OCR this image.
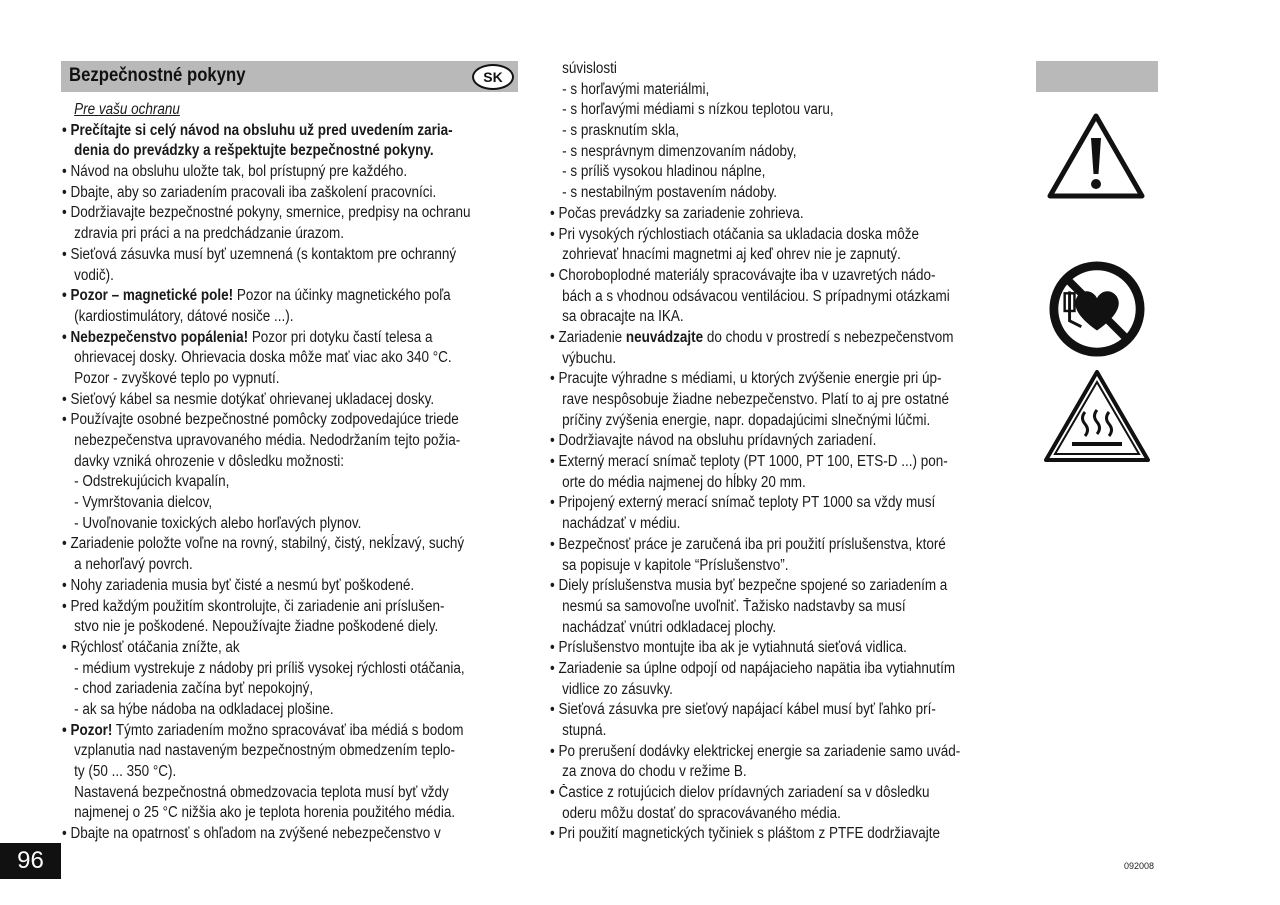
Bezpečnostné pokyny	SK
Pre vašu ochranu
• Prečítajte si celý návod na obsluhu už pred uvedením zaria-
denia do prevádzky a rešpektujte bezpečnostné pokyny.
• Návod na obsluhu uložte tak, bol prístupný pre každého.
• Dbajte, aby so zariadením pracovali iba zaškolení pracovníci.
• Dodržiavajte bezpečnostné pokyny, smernice, predpisy na ochranu
zdravia pri práci a na predchádzanie úrazom.
• Sieťová zásuvka musí byť uzemnená (s kontaktom pre ochranný
vodič).
• Pozor – magnetické pole! Pozor na účinky magnetického poľa
(kardiostimulátory, dátové nosiče ...).
• Nebezpečenstvo popálenia! Pozor pri dotyku častí telesa a
ohrievacej dosky. Ohrievacia doska môže mať viac ako 340 °C.
Pozor - zvyškové teplo po vypnutí.
• Sieťový kábel sa nesmie dotýkať ohrievanej ukladacej dosky.
• Používajte osobné bezpečnostné pomôcky zodpovedajúce triede
nebezpečenstva upravovaného média. Nedodržaním tejto požia-
davky vzniká ohrozenie v dôsledku možnosti:
- Odstrekujúcich kvapalín,
- Vymrštovania dielcov,
- Uvoľnovanie toxických alebo horľavých plynov.
• Zariadenie položte voľne na rovný, stabilný, čistý, nekĺzavý, suchý
a nehorľavý povrch.
• Nohy zariadenia musia byť čisté a nesmú byť poškodené.
• Pred každým použitím skontrolujte, či zariadenie ani príslušen-
stvo nie je poškodené. Nepoužívajte žiadne poškodené diely.
• Rýchlosť otáčania znížte, ak
- médium vystrekuje z nádoby pri príliš vysokej rýchlosti otáčania,
- chod zariadenia začína byť nepokojný,
- ak sa hýbe nádoba na odkladacej plošine.
• Pozor! Týmto zariadením možno spracovávať iba médiá s bodom
vzplanutia nad nastaveným bezpečnostným obmedzením teplo-
ty (50 ... 350 °C).
Nastavená bezpečnostná obmedzovacia teplota musí byť vždy
najmenej o 25 °C nižšia ako je teplota horenia použitého média.
• Dbajte na opatrnosť s ohľadom na zvýšené nebezpečenstvo v
súvislosti
- s horľavými materiálmi,
- s horľavými médiami s nízkou teplotou varu,
- s prasknutím skla,
- s nesprávnym dimenzovaním nádoby,
- s príliš vysokou hladinou náplne,
- s nestabilným postavením nádoby.
• Počas prevádzky sa zariadenie zohrieva.
• Pri vysokých rýchlostiach otáčania sa ukladacia doska môže
zohrievať hnacími magnetmi aj keď ohrev nie je zapnutý.
• Choroboplodné materiály spracovávajte iba v uzavretých nádo-
bách a s vhodnou odsávacou ventiláciou. S prípadnymi otázkami
sa obracajte na IKA.
• Zariadenie neuvádzajte do chodu v prostredí s nebezpečenstvom
výbuchu.
• Pracujte výhradne s médiami, u ktorých zvýšenie energie pri úp-
rave nespôsobuje žiadne nebezpečenstvo. Platí to aj pre ostatné
príčiny zvýšenia energie, napr. dopadajúcimi slnečnými lúčmi.
• Dodržiavajte návod na obsluhu prídavných zariadení.
• Externý merací snímač teploty (PT 1000, PT 100, ETS-D ...) pon-
orte do média najmenej do hĺbky 20 mm.
• Pripojený externý merací snímač teploty PT 1000 sa vždy musí
nachádzať v médiu.
• Bezpečnosť práce je zaručená iba pri použití príslušenstva, ktoré
sa popisuje v kapitole “Príslušenstvo”.
• Diely príslušenstva musia byť bezpečne spojené so zariadením a
nesmú sa samovoľne uvoľniť. Ťažisko nadstavby sa musí
nachádzať vnútri odkladacej plochy.
• Príslušenstvo montujte iba ak je vytiahnutá sieťová vidlica.
• Zariadenie sa úplne odpojí od napájacieho napätia iba vytiahnutím
vidlice zo zásuvky.
• Sieťová zásuvka pre sieťový napájací kábel musí byť ľahko prí-
stupná.
• Po prerušení dodávky elektrickej energie sa zariadenie samo uvád-
za znova do chodu v režime B.
• Častice z rotujúcich dielov prídavných zariadení sa v dôsledku
oderu môžu dostať do spracovávaného média.
• Pri použití magnetických tyčiniek s pláštom z PTFE dodržiavajte
96	092008
